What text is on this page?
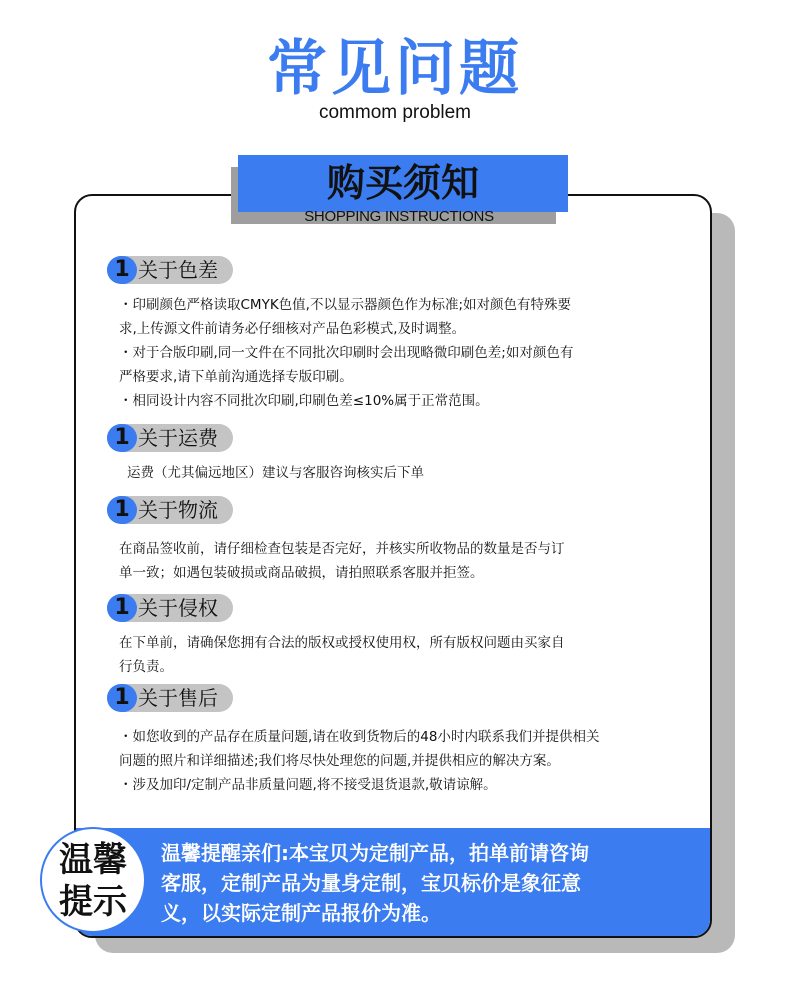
常见问题
commom problem
温馨提醒亲们:本宝贝为定制产品，拍单前请咨询
客服，定制产品为量身定制，宝贝标价是象征意
义，以实际定制产品报价为准。
购买须知
SHOPPING INSTRUCTIONS
1 关于色差

・印刷颜色严格读取CMYK色值,不以显示器颜色作为标准;如对颜色有特殊要

求,上传源文件前请务必仔细核对产品色彩模式,及时调整。

・对于合版印刷,同一文件在不同批次印刷时会出现略微印刷色差;如对颜色有

严格要求,请下单前沟通选择专版印刷。

・相同设计内容不同批次印刷,印刷色差≤10%属于正常范围。

1 关于运费

运费（尤其偏远地区）建议与客服咨询核实后下单

1 关于物流

在商品签收前，请仔细检查包装是否完好，并核实所收物品的数量是否与订

单一致；如遇包装破损或商品破损，请拍照联系客服并拒签。

1 关于侵权

在下单前，请确保您拥有合法的版权或授权使用权，所有版权问题由买家自

行负责。

1 关于售后

・如您收到的产品存在质量问题,请在收到货物后的48小时内联系我们并提供相关

问题的照片和详细描述;我们将尽快处理您的问题,并提供相应的解决方案。

・涉及加印/定制产品非质量问题,将不接受退货退款,敬请谅解。

温馨
提示
